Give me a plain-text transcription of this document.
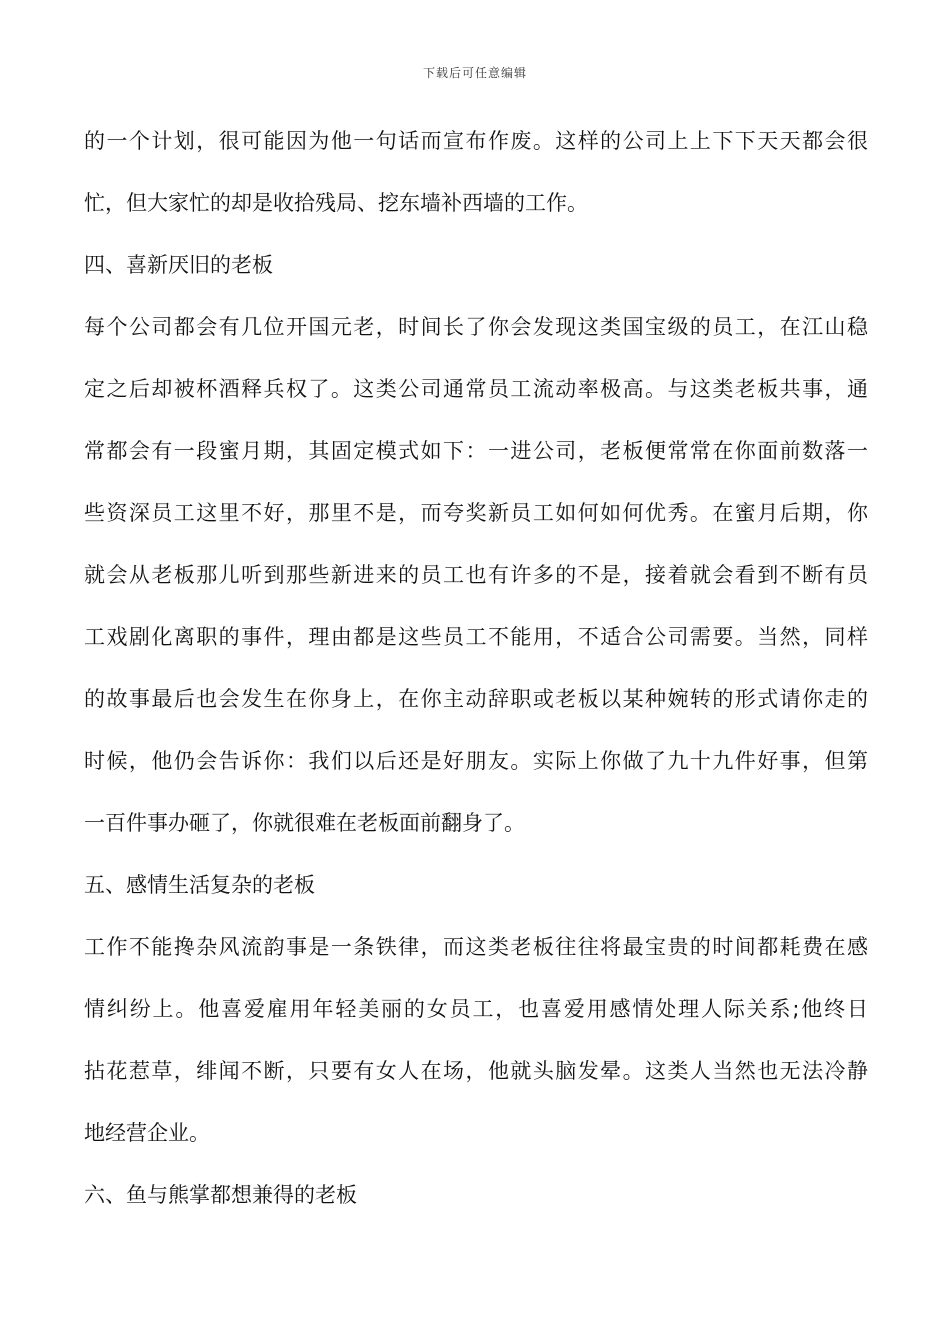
下载后可任意编辑
的一个计划，很可能因为他一句话而宣布作废。这样的公司上上下下天天都会很
忙，但大家忙的却是收拾残局、挖东墙补西墙的工作。
四、喜新厌旧的老板
每个公司都会有几位开国元老，时间长了你会发现这类国宝级的员工，在江山稳
定之后却被杯酒释兵权了。这类公司通常员工流动率极高。与这类老板共事，通
常都会有一段蜜月期，其固定模式如下：一进公司，老板便常常在你面前数落一
些资深员工这里不好，那里不是，而夸奖新员工如何如何优秀。在蜜月后期，你
就会从老板那儿听到那些新进来的员工也有许多的不是，接着就会看到不断有员
工戏剧化离职的事件，理由都是这些员工不能用，不适合公司需要。当然，同样
的故事最后也会发生在你身上，在你主动辞职或老板以某种婉转的形式请你走的
时候，他仍会告诉你：我们以后还是好朋友。实际上你做了九十九件好事，但第
一百件事办砸了，你就很难在老板面前翻身了。
五、感情生活复杂的老板
工作不能搀杂风流韵事是一条铁律，而这类老板往往将最宝贵的时间都耗费在感
情纠纷上。他喜爱雇用年轻美丽的女员工，也喜爱用感情处理人际关系;他终日
拈花惹草，绯闻不断，只要有女人在场，他就头脑发晕。这类人当然也无法冷静
地经营企业。
六、鱼与熊掌都想兼得的老板
